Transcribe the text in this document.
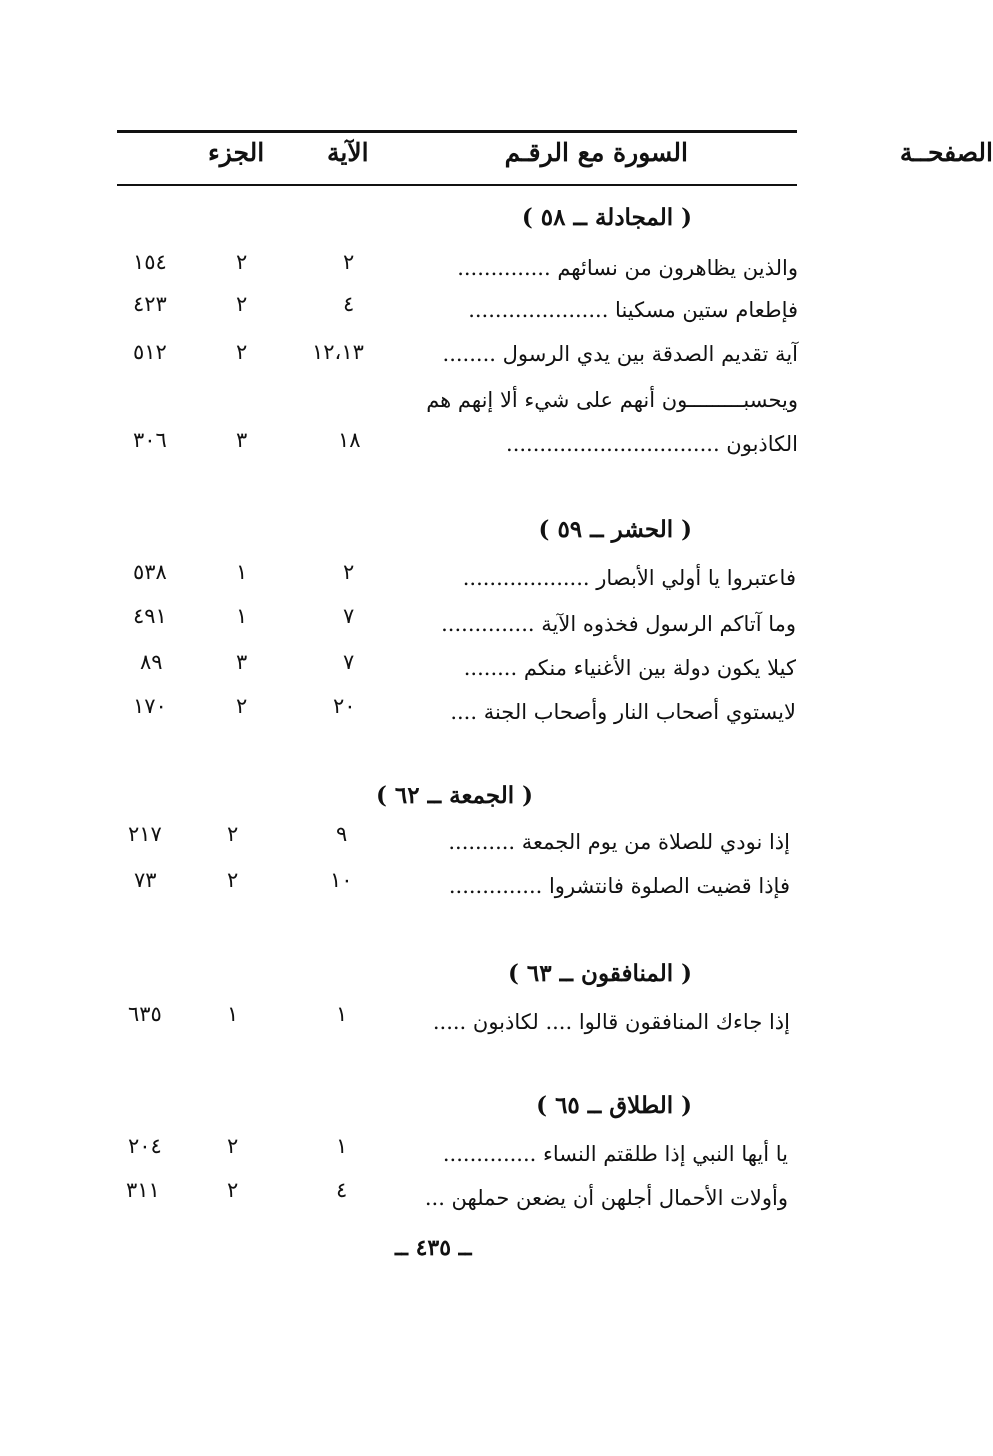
السورة مع الرقـم
الآية
الجزء	الصفحــة
( المجادلة ــ ٥٨ )
والذين يظاهرون من نسائهم ..............
٢
٢
١٥٤
فإطعام ستين مسكينا .....................
٤
٢
٤٢٣
آية تقديم الصدقة بين يدي الرسول ........
١٢،١٣
٢
٥١٢
ويحسبـــــــــون أنهم على شيء ألا إنهم هم
الكاذبون ................................
١٨
٣
٣٠٦
( الحشر ــ ٥٩ )
فاعتبروا يا أولي الأبصار ...................
٢
١
٥٣٨
وما آتاكم الرسول فخذوه الآية ..............
٧
١
٤٩١
كيلا يكون دولة بين الأغنياء منكم ........
٧
٣
٨٩
لايستوي أصحاب النار وأصحاب الجنة ....
٢٠
٢
١٧٠
( الجمعة ــ ٦٢ )
إذا نودي للصلاة من يوم الجمعة ..........
٩
٢
٢١٧
فإذا قضيت الصلوة فانتشروا ..............
١٠
٢
٧٣
( المنافقون ــ ٦٣ )
إذا جاءك المنافقون قالوا .... لكاذبون .....
١
١
٦٣٥
( الطلاق ــ ٦٥ )
يا أيها النبي إذا طلقتم النساء ..............
١
٢
٢٠٤
وأولات الأحمال أجلهن أن يضعن حملهن ...
٤
٢
٣١١
ــ ٤٣٥ ــ
